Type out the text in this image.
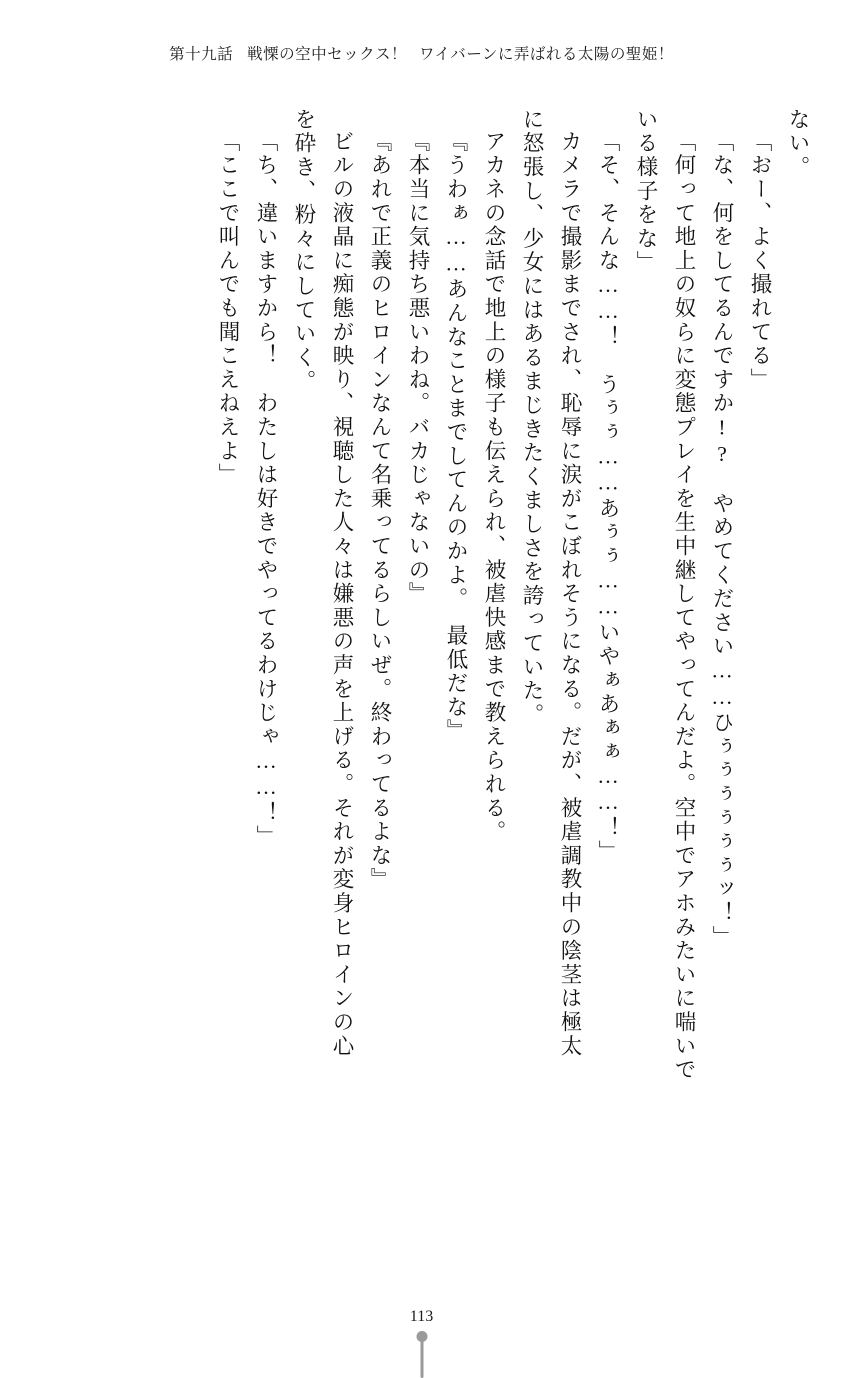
第十九話 戦慄の空中セックス！ ワイバーンに弄ばれる太陽の聖姫！
ない。
「おー、よく撮れてる」
「な、何をしてるんですか!?　やめてください……ひぅぅぅぅぅぅッ！」
「何って地上の奴らに変態プレイを生中継してやってんだよ。空中でアホみたいに喘いで
いる様子をな」
「そ、そんな……！　うぅぅ……あぅぅ……いやぁあぁぁ……！」
カメラで撮影までされ、恥辱に涙がこぼれそうになる。だが、被虐調教中の陰茎は極太
に怒張し、少女にはあるまじきたくましさを誇っていた。
アカネの念話で地上の様子も伝えられ、被虐快感まで教えられる。
『うわぁ……あんなことまでしてんのかよ。　最低だな』
『本当に気持ち悪いわね。バカじゃないの』
『あれで正義のヒロインなんて名乗ってるらしいぜ。終わってるよな』
ビルの液晶に痴態が映り、視聴した人々は嫌悪の声を上げる。それが変身ヒロインの心
を砕き、粉々にしていく。
「ち、違いますから！　わたしは好きでやってるわけじゃ……！」
「ここで叫んでも聞こえねえよ」
113
